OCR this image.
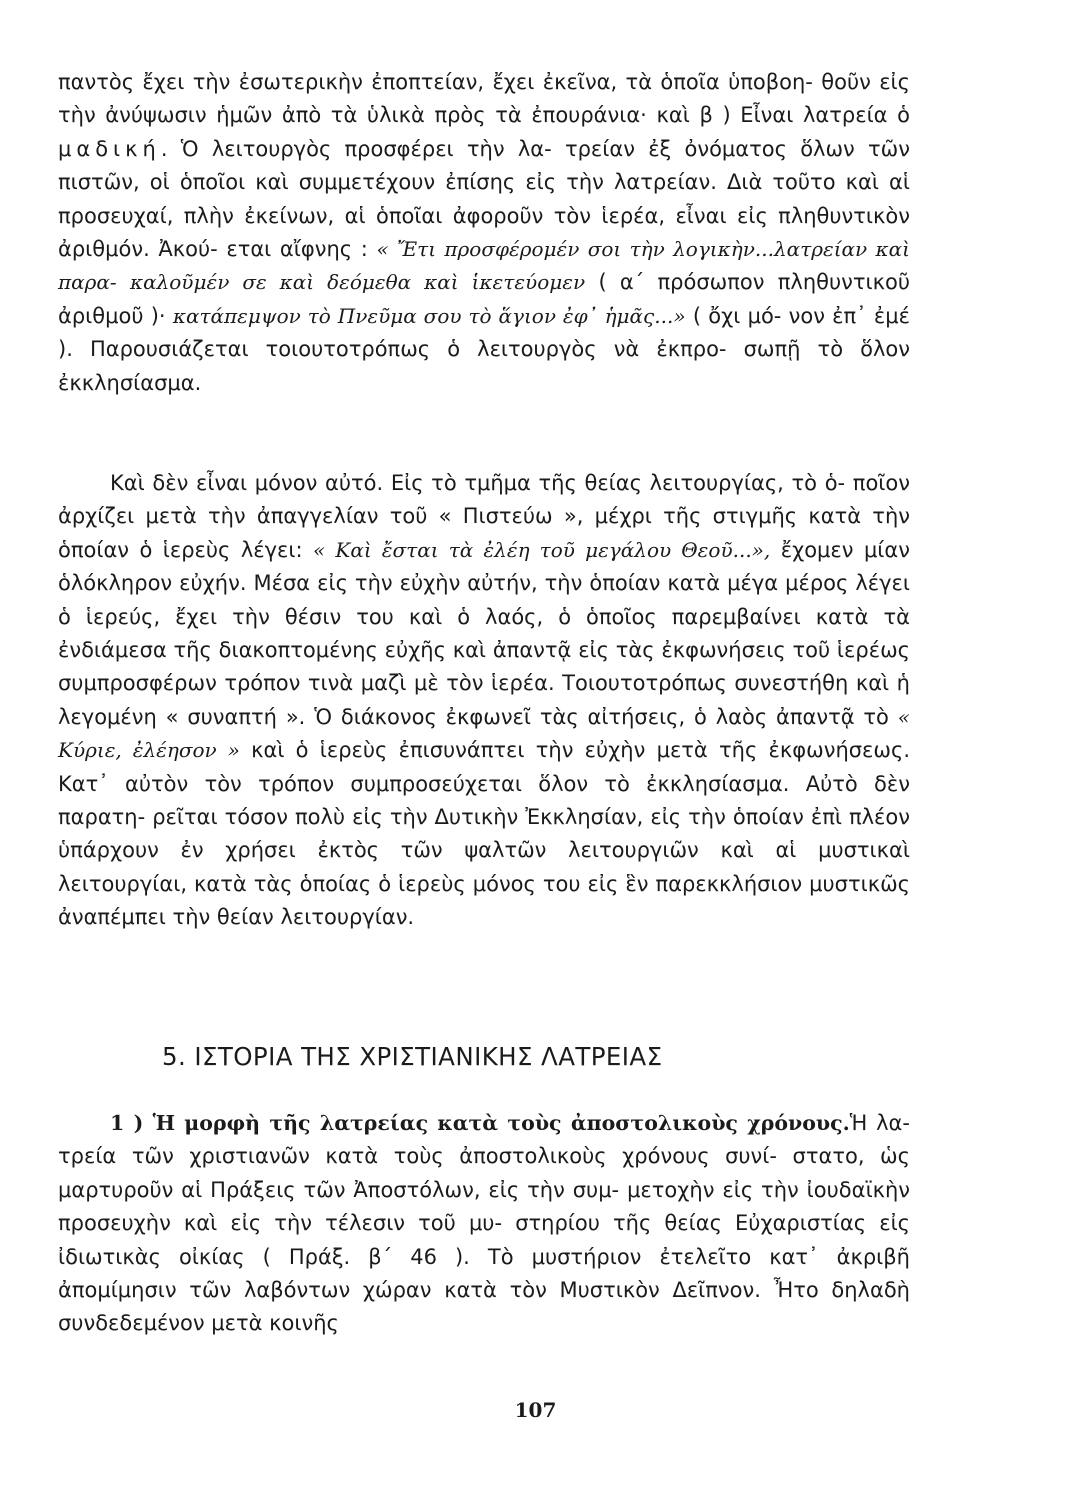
παντὸς ἔχει τὴν ἐσωτερικὴν ἐποπτείαν, ἔχει ἐκεῖνα, τὰ ὁποῖα ὑποβοη- θοῦν εἰς τὴν ἀνύψωσιν ἡμῶν ἀπὸ τὰ ὑλικὰ πρὸς τὰ ἐπουράνια· καὶ β ) Εἶναι λατρεία ὁ μαδική. Ὁ λειτουργὸς προσφέρει τὴν λα- τρείαν ἐξ ὀνόματος ὅλων τῶν πιστῶν, οἱ ὁποῖοι καὶ συμμετέχουν ἐπίσης εἰς τὴν λατρείαν. Διὰ τοῦτο καὶ αἱ προσευχαί, πλὴν ἐκείνων, αἱ ὁποῖαι ἀφοροῦν τὸν ἱερέα, εἶναι εἰς πληθυντικὸν ἀριθμόν. Ἀκού- εται αἴφνης : « Ἔτι προσφέρομέν σοι τὴν λογικὴν...λατρείαν καὶ παρα- καλοῦμέν σε καὶ δεόμεθα καὶ ἱκετεύομεν ( α΄ πρόσωπον πληθυντικοῦ ἀριθμοῦ )· κατάπεμψον τὸ Πνεῦμα σου τὸ ἅγιον ἐφ᾽ ἡμᾶς...» ( ὄχι μό- νον ἐπ᾽ ἐμέ ). Παρουσιάζεται τοιουτοτρόπως ὁ λειτουργὸς νὰ ἐκπρο- σωπῇ τὸ ὅλον ἐκκλησίασμα.

Καὶ δὲν εἶναι μόνον αὐτό. Εἰς τὸ τμῆμα τῆς θείας λειτουργίας, τὸ ὁ- ποῖον ἀρχίζει μετὰ τὴν ἀπαγγελίαν τοῦ « Πιστεύω », μέχρι τῆς στιγμῆς κατὰ τὴν ὁποίαν ὁ ἱερεὺς λέγει: « Καὶ ἔσται τὰ ἐλέη τοῦ μεγάλου Θεοῦ...», ἔχομεν μίαν ὁλόκληρον εὐχήν. Μέσα εἰς τὴν εὐχὴν αὐτήν, τὴν ὁποίαν κατὰ μέγα μέρος λέγει ὁ ἱερεύς, ἔχει τὴν θέσιν του καὶ ὁ λαός, ὁ ὁποῖος παρεμβαίνει κατὰ τὰ ἐνδιάμεσα τῆς διακοπτομένης εὐχῆς καὶ ἀπαντᾷ εἰς τὰς ἐκφωνήσεις τοῦ ἱερέως συμπροσφέρων τρόπον τινὰ μαζὶ μὲ τὸν ἱερέα. Τοιουτοτρόπως συνεστήθη καὶ ἡ λεγομένη « συναπτή ». Ὁ διάκονος ἐκφωνεῖ τὰς αἰτήσεις, ὁ λαὸς ἀπαντᾷ τὸ « Κύριε, ἐλέησον » καὶ ὁ ἱερεὺς ἐπισυνάπτει τὴν εὐχὴν μετὰ τῆς ἐκφωνήσεως. Κατ᾽ αὐτὸν τὸν τρόπον συμπροσεύχεται ὅλον τὸ ἐκκλησίασμα. Αὐτὸ δὲν παρατη- ρεῖται τόσον πολὺ εἰς τὴν Δυτικὴν Ἐκκλησίαν, εἰς τὴν ὁποίαν ἐπὶ πλέον ὑπάρχουν ἐν χρήσει ἐκτὸς τῶν ψαλτῶν λειτουργιῶν καὶ αἱ μυστικαὶ λειτουργίαι, κατὰ τὰς ὁποίας ὁ ἱερεὺς μόνος του εἰς ἓν παρεκκλήσιον μυστικῶς ἀναπέμπει τὴν θείαν λειτουργίαν.

5. ΙΣΤΟΡΙΑ ΤΗΣ ΧΡΙΣΤΙΑΝΙΚΗΣ ΛΑΤΡΕΙΑΣ

1 ) Ἡ μορφὴ τῆς λατρείας κατὰ τοὺς ἀποστολικοὺς χρόνους.Ἡ λα- τρεία τῶν χριστιανῶν κατὰ τοὺς ἀποστολικοὺς χρόνους συνί- στατο, ὡς μαρτυροῦν αἱ Πράξεις τῶν Ἀποστόλων, εἰς τὴν συμ- μετοχὴν εἰς τὴν ἰουδαϊκὴν προσευχὴν καὶ εἰς τὴν τέλεσιν τοῦ μυ- στηρίου τῆς θείας Εὐχαριστίας εἰς ἰδιωτικὰς οἰκίας ( Πράξ. β΄ 46 ). Τὸ μυστήριον ἐτελεῖτο κατ᾽ ἀκριβῆ ἀπομίμησιν τῶν λαβόντων χώραν κατὰ τὸν Μυστικὸν Δεῖπνον. Ἦτο δηλαδὴ συνδεδεμένον μετὰ κοινῆς

107
